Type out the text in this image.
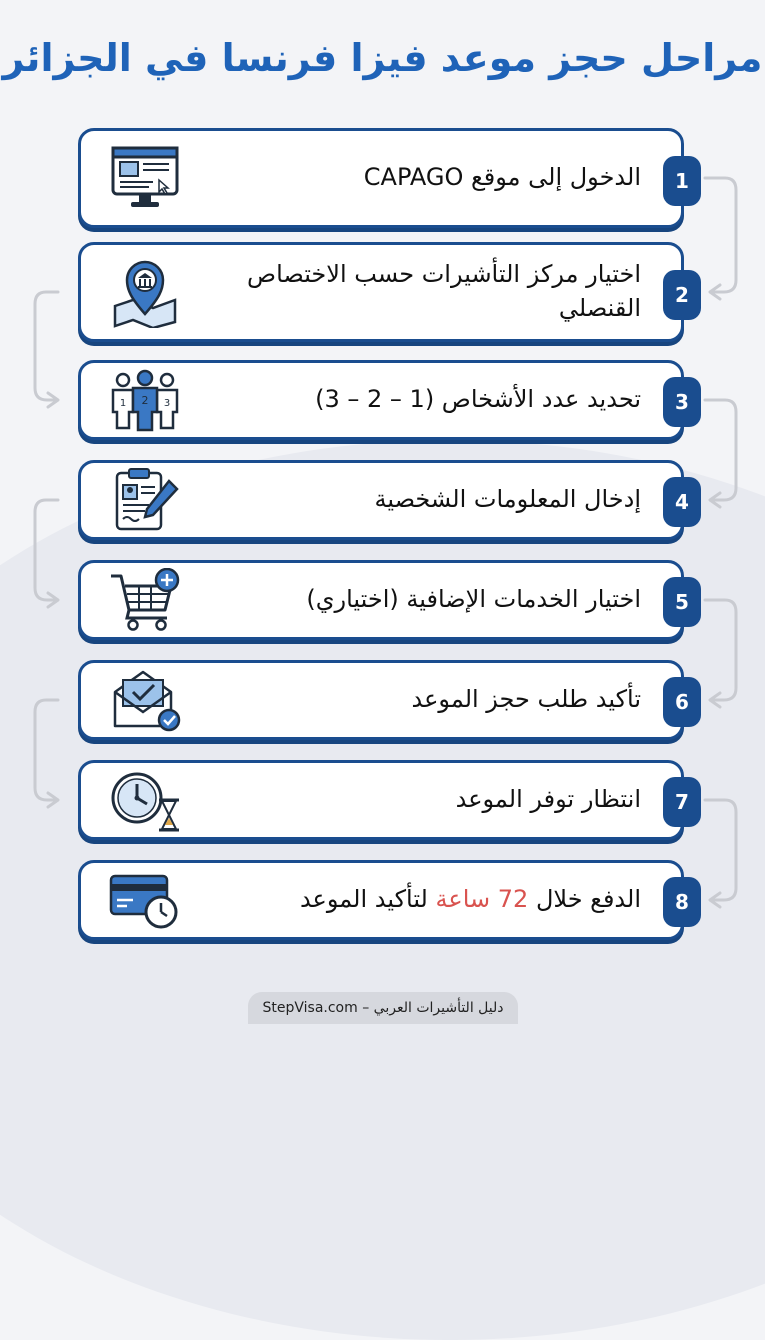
مراحل حجز موعد فيزا فرنسا في الجزائر
1
الدخول إلى موقع CAPAGO
2
اختيار مركز التأشيرات حسب الاختصاص القنصلي
3
تحديد عدد الأشخاص (1 – 2 – 3)
1 2 3
4
إدخال المعلومات الشخصية
5
اختيار الخدمات الإضافية (اختياري)
6
تأكيد طلب حجز الموعد
7
انتظار توفر الموعد
8
الدفع خلال

72 ساعة

لتأكيد الموعد
StepVisa.com – دليل التأشيرات العربي
